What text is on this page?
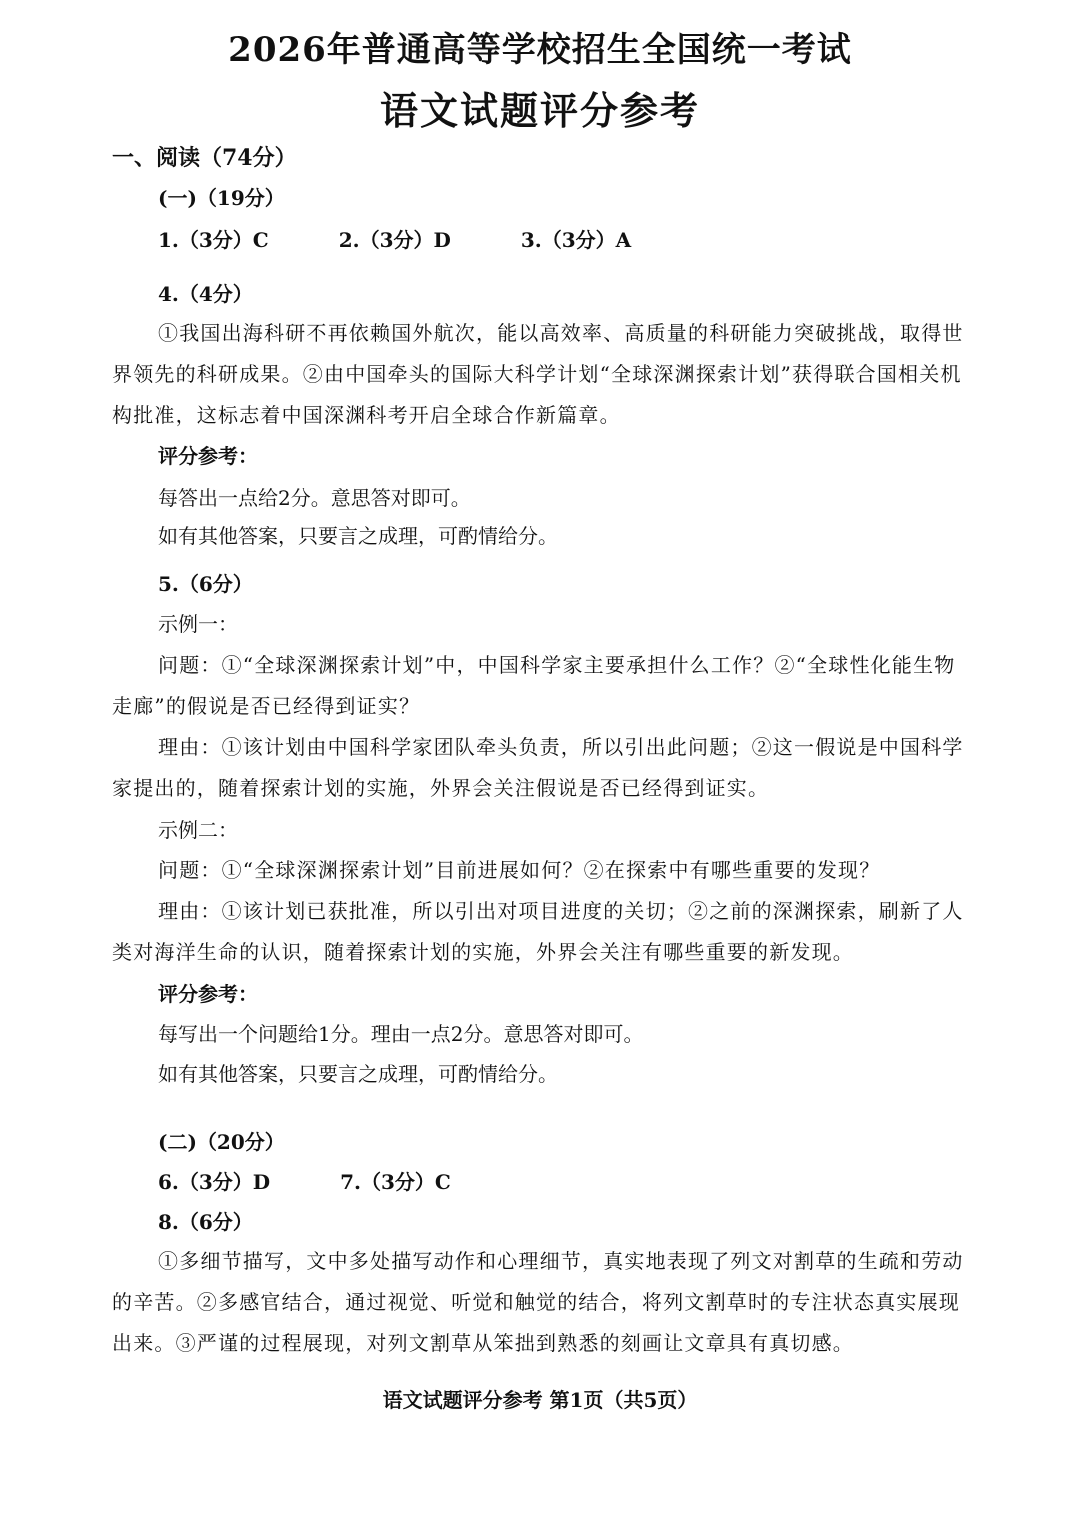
2026年普通高等学校招生全国统一考试
语文试题评分参考
一、阅读（74分）
(一)（19分）
1.（3分）C	2.（3分）D	3.（3分）A
4.（4分）
①我国出海科研不再依赖国外航次，能以高效率、高质量的科研能力突破挑战，取得世界领先的科研成果。②由中国牵头的国际大科学计划“全球深渊探索计划”获得联合国相关机构批准，这标志着中国深渊科考开启全球合作新篇章。
评分参考：
每答出一点给2分。意思答对即可。
如有其他答案，只要言之成理，可酌情给分。
5.（6分）
示例一：
问题：①“全球深渊探索计划”中，中国科学家主要承担什么工作？②“全球性化能生物走廊”的假说是否已经得到证实？
理由：①该计划由中国科学家团队牵头负责，所以引出此问题；②这一假说是中国科学家提出的，随着探索计划的实施，外界会关注假说是否已经得到证实。
示例二：
问题：①“全球深渊探索计划”目前进展如何？②在探索中有哪些重要的发现？
理由：①该计划已获批准，所以引出对项目进度的关切；②之前的深渊探索，刷新了人类对海洋生命的认识，随着探索计划的实施，外界会关注有哪些重要的新发现。
评分参考：
每写出一个问题给1分。理由一点2分。意思答对即可。
如有其他答案，只要言之成理，可酌情给分。
(二)（20分）
6.（3分）D	7.（3分）C
8.（6分）
①多细节描写，文中多处描写动作和心理细节，真实地表现了列文对割草的生疏和劳动的辛苦。②多感官结合，通过视觉、听觉和触觉的结合，将列文割草时的专注状态真实展现出来。③严谨的过程展现，对列文割草从笨拙到熟悉的刻画让文章具有真切感。
语文试题评分参考 第1页（共5页）
